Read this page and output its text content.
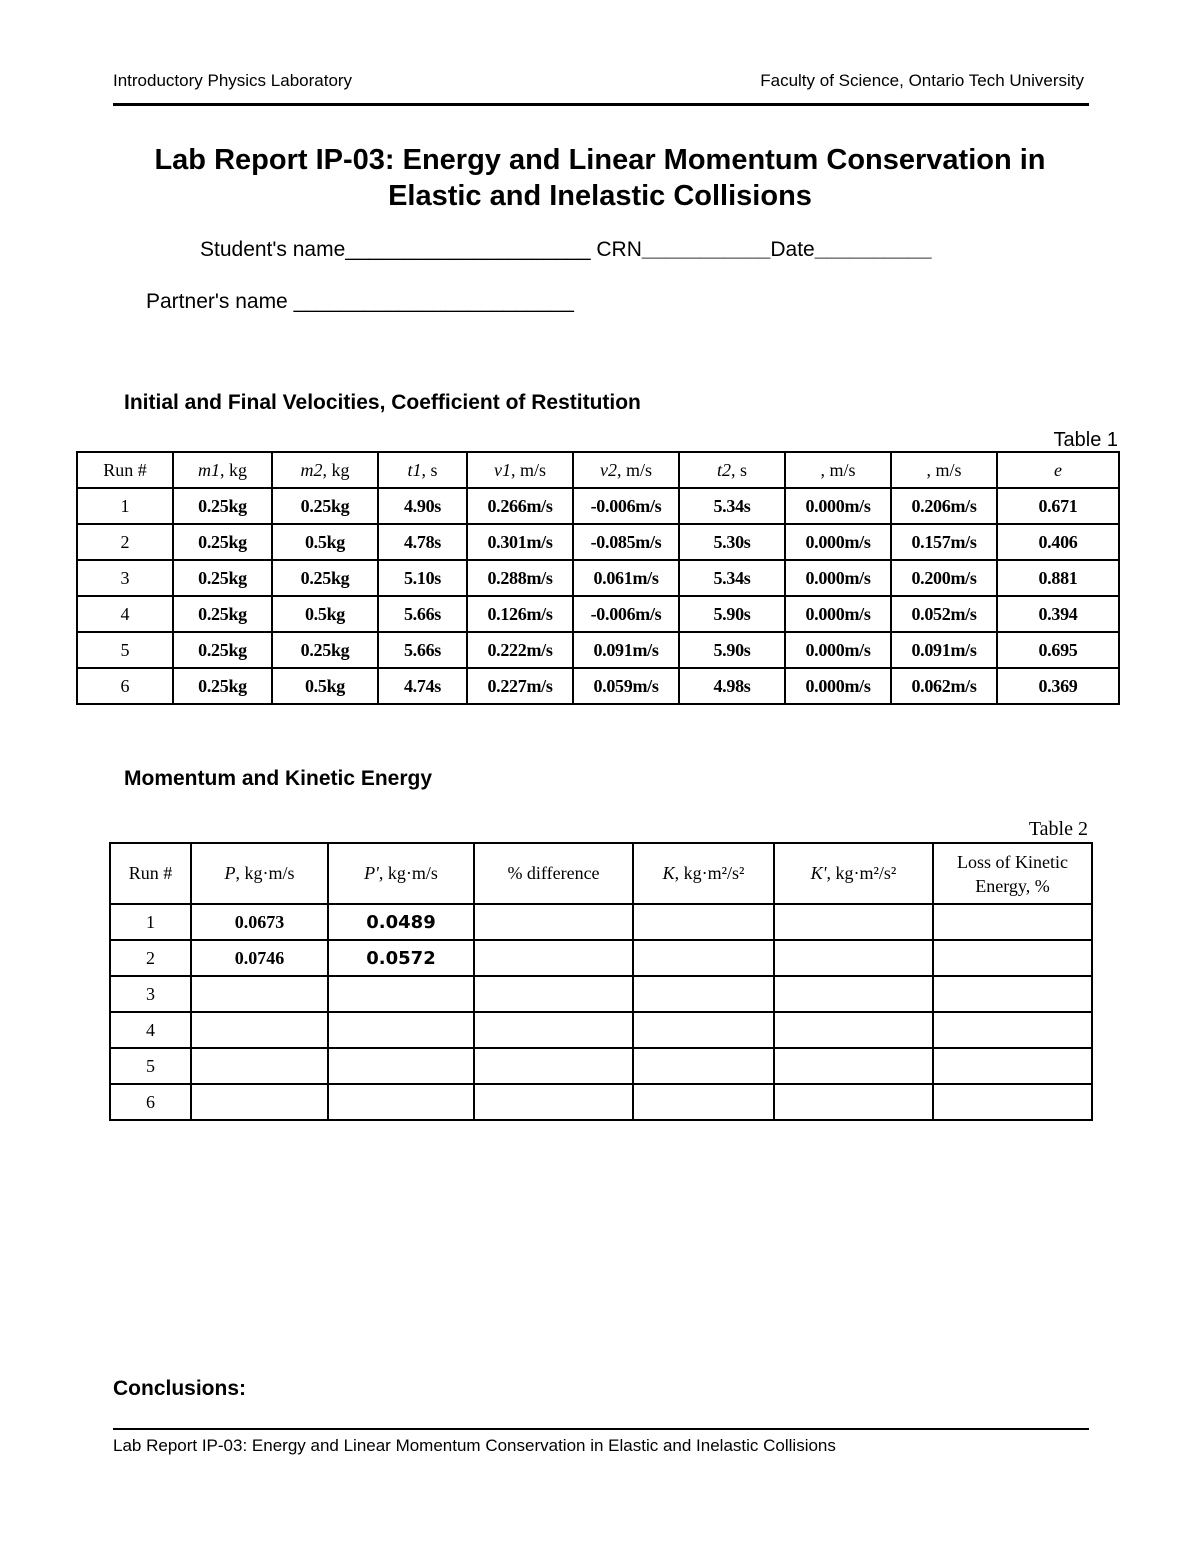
Introductory Physics Laboratory	Faculty of Science, Ontario Tech University
Lab Report IP-03: Energy and Linear Momentum Conservation in
Elastic and Inelastic Collisions
Student's name_____________________ CRN___________Date__________
Partner's name ________________________
Initial and Final Velocities, Coefficient of Restitution
Table 1
Run #	m1, kg	m2, kg	t1, s	v1, m/s	v2, m/s	t2, s	, m/s	, m/s	e
1	0.25kg	0.25kg	4.90s	0.266m/s	-0.006m/s	5.34s	0.000m/s	0.206m/s	0.671
2	0.25kg	0.5kg	4.78s	0.301m/s	-0.085m/s	5.30s	0.000m/s	0.157m/s	0.406
3	0.25kg	0.25kg	5.10s	0.288m/s	0.061m/s	5.34s	0.000m/s	0.200m/s	0.881
4	0.25kg	0.5kg	5.66s	0.126m/s	-0.006m/s	5.90s	0.000m/s	0.052m/s	0.394
5	0.25kg	0.25kg	5.66s	0.222m/s	0.091m/s	5.90s	0.000m/s	0.091m/s	0.695
6	0.25kg	0.5kg	4.74s	0.227m/s	0.059m/s	4.98s	0.000m/s	0.062m/s	0.369
Momentum and Kinetic Energy
Table 2
Run #	P, kg·m/s	P', kg·m/s	% difference	K, kg·m²/s²	K', kg·m²/s²	Loss of Kinetic
Energy, %

1	0.0673	0.0489				
2	0.0746	0.0572				
3						
4						
5						
6						
Conclusions:
Lab Report IP-03: Energy and Linear Momentum Conservation in Elastic and Inelastic Collisions
